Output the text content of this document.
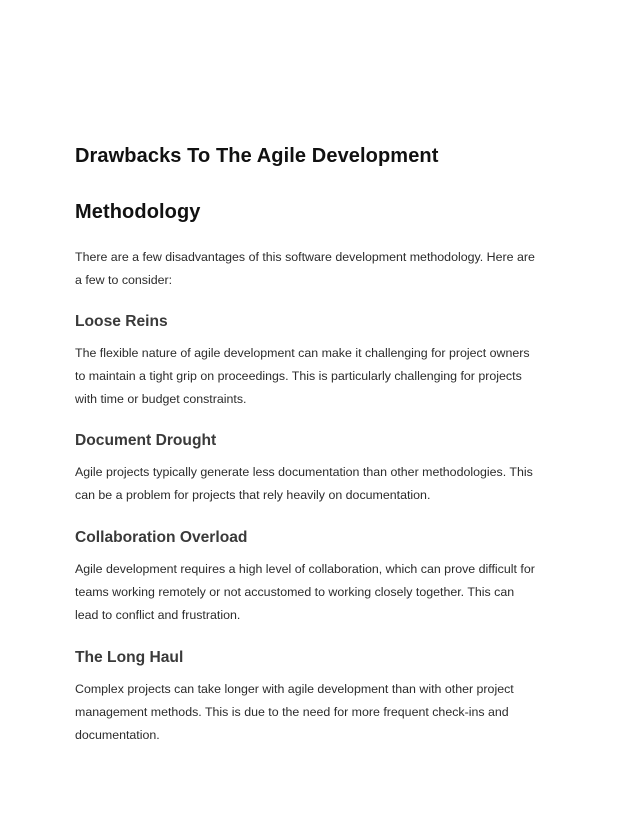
Drawbacks To The Agile Development
Methodology

There are a few disadvantages of this software development methodology. Here are
a few to consider:

Loose Reins

The flexible nature of agile development can make it challenging for project owners
to maintain a tight grip on proceedings. This is particularly challenging for projects
with time or budget constraints.

Document Drought

Agile projects typically generate less documentation than other methodologies. This
can be a problem for projects that rely heavily on documentation.

Collaboration Overload

Agile development requires a high level of collaboration, which can prove difficult for
teams working remotely or not accustomed to working closely together. This can
lead to conflict and frustration.

The Long Haul

Complex projects can take longer with agile development than with other project
management methods. This is due to the need for more frequent check-ins and
documentation.
